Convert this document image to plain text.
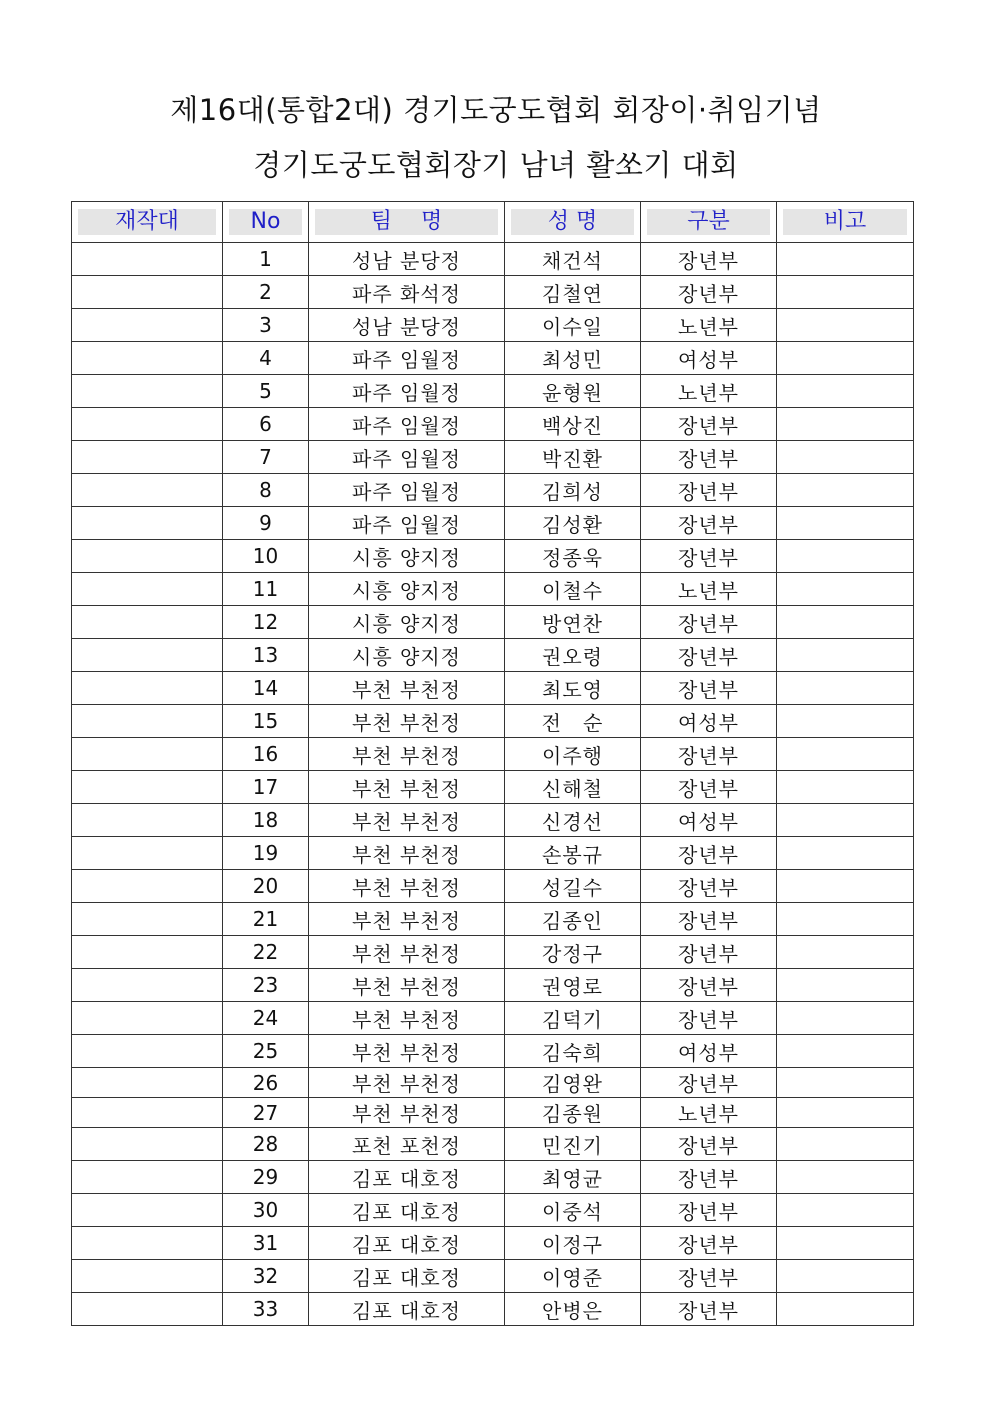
제16대(통합2대) 경기도궁도협회 회장이·취임기념
경기도궁도협회장기 남녀 활쏘기 대회
재작대	No	팀　 명	성 명	구분	비고

	1	성남 분당정	채건석	장년부	
	2	파주 화석정	김철연	장년부	
	3	성남 분당정	이수일	노년부	
	4	파주 임월정	최성민	여성부	
	5	파주 임월정	윤형원	노년부	
	6	파주 임월정	백상진	장년부	
	7	파주 임월정	박진환	장년부	
	8	파주 임월정	김희성	장년부	
	9	파주 임월정	김성환	장년부	
	10	시흥 양지정	정종욱	장년부	
	11	시흥 양지정	이철수	노년부	
	12	시흥 양지정	방연찬	장년부	
	13	시흥 양지정	권오령	장년부	
	14	부천 부천정	최도영	장년부	
	15	부천 부천정	전　순	여성부	
	16	부천 부천정	이주행	장년부	
	17	부천 부천정	신해철	장년부	
	18	부천 부천정	신경선	여성부	
	19	부천 부천정	손봉규	장년부	
	20	부천 부천정	성길수	장년부	
	21	부천 부천정	김종인	장년부	
	22	부천 부천정	강정구	장년부	
	23	부천 부천정	권영로	장년부	
	24	부천 부천정	김덕기	장년부	
	25	부천 부천정	김숙희	여성부	
	26	부천 부천정	김영완	장년부	
	27	부천 부천정	김종원	노년부	
	28	포천 포천정	민진기	장년부	
	29	김포 대호정	최영균	장년부	
	30	김포 대호정	이중석	장년부	
	31	김포 대호정	이정구	장년부	
	32	김포 대호정	이영준	장년부	
	33	김포 대호정	안병은	장년부	
